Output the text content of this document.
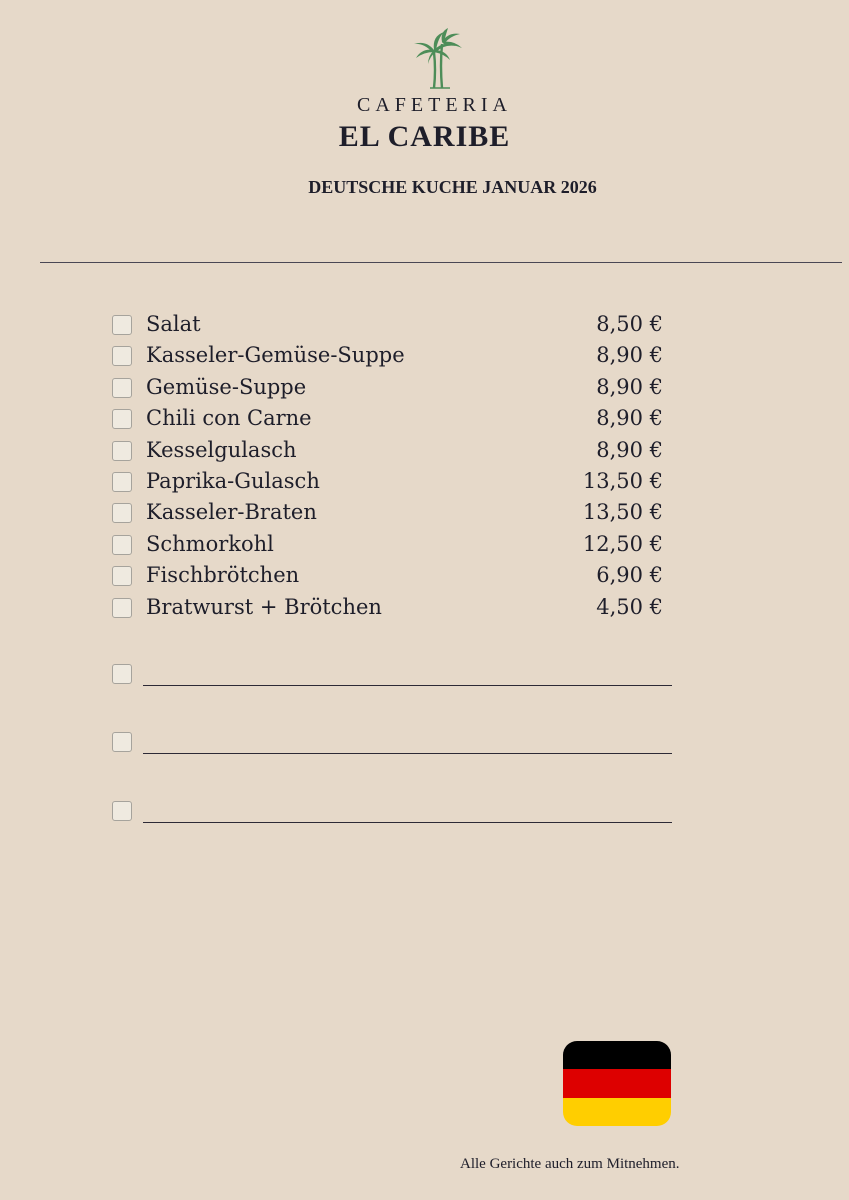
CAFETERIA
EL CARIBE
DEUTSCHE KUCHE JANUAR 2026
Salat	8,50 €
Kasseler-Gemüse-Suppe	8,90 €
Gemüse-Suppe	8,90 €
Chili con Carne	8,90 €
Kesselgulasch	8,90 €
Paprika-Gulasch	13,50 €
Kasseler-Braten	13,50 €
Schmorkohl	12,50 €
Fischbrötchen	6,90 €
Bratwurst + Brötchen	4,50 €
Alle Gerichte auch zum Mitnehmen.
